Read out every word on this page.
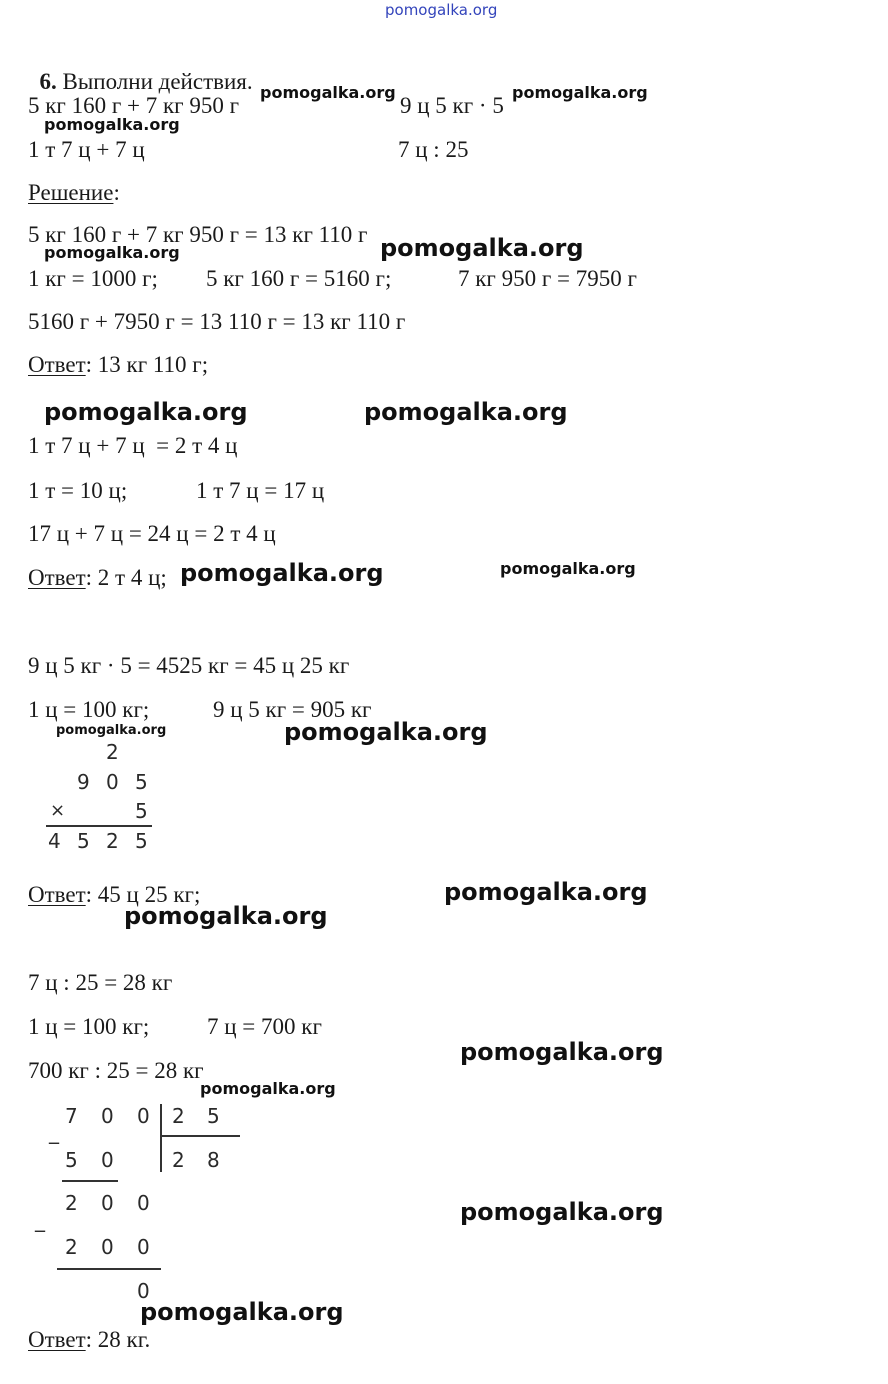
pomogalka.org

6. Выполни действия.

5 кг 160 г + 7 кг 950 г	9 ц 5 кг · 5
1 т 7 ц + 7 ц	7 ц : 25
Решение:
5 кг 160 г + 7 кг 950 г = 13 кг 110 г
1 кг = 1000 г; 5 кг 160 г = 5160 г;	7 кг 950 г = 7950 г
5160 г + 7950 г = 13 110 г = 13 кг 110 г
Ответ: 13 кг 110 г;
1 т 7 ц + 7 ц  = 2 т 4 ц
1 т = 10 ц;	1 т 7 ц = 17 ц
17 ц + 7 ц = 24 ц = 2 т 4 ц
Ответ: 2 т 4 ц;
9 ц 5 кг · 5 = 4525 кг = 45 ц 25 кг
1 ц = 100 кг;	9 ц 5 кг = 905 кг
2
9 0 5
×	5
4 5 2 5
Ответ: 45 ц 25 кг;
7 ц : 25 = 28 кг
1 ц = 100 кг;	7 ц = 700 кг
700 кг : 25 = 28 кг
_
7 0 0 2 5
5 0	2 8
_
2 0 0
2 0 0
0
Ответ: 28 кг.
pomogalka.org	pomogalka.org
pomogalka.org
pomogalka.org
pomogalka.org
pomogalka.org	pomogalka.org
pomogalka.org	pomogalka.org
pomogalka.org	pomogalka.org
pomogalka.org
pomogalka.org
pomogalka.org
pomogalka.org
pomogalka.org
pomogalka.org
